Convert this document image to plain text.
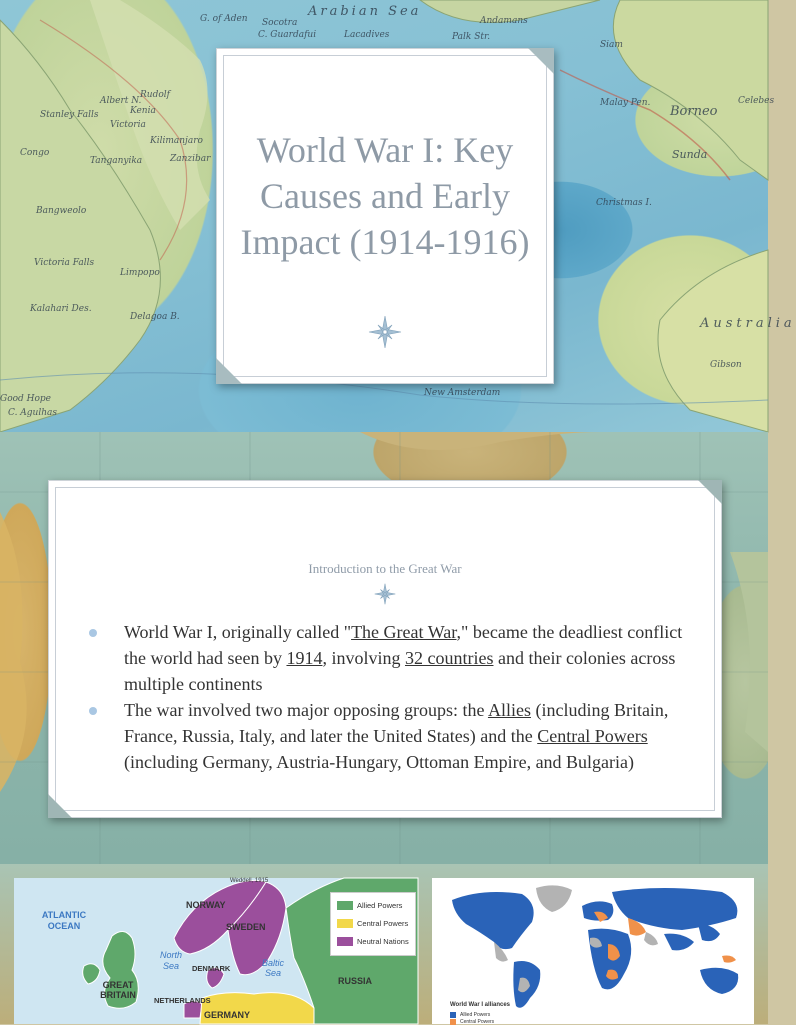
G. of Aden Socotra
C. Guardafui
Arabian Sea
Lacadives
Andamans
Palk Str.
Malay Pen.
Borneo
Celebes
Sunda
Christmas I.
Rudolf
Albert N.
Victoria
Kenia
Kilimanjaro
Zanzibar
Tanganyika
Bangweolo
Victoria Falls
Limpopo
Delagoa B.
Kalahari Des.
Good Hope
C. Agulhas
New Amsterdam
Gibson
Siam
Stanley Falls
Congo
Australia
World War I: Key Causes and Early Impact (1914-1916)
Introduction to the Great War
World War I, originally called "The Great War," became the deadliest conflict the world had seen by 1914, involving 32 countries and their colonies across multiple continents
The war involved two major opposing groups: the Allies (including Britain, France, Russia, Italy, and later the United States) and the Central Powers (including Germany, Austria-Hungary, Ottoman Empire, and Bulgaria)
ATLANTIC OCEAN
North Sea	Baltic Sea
NORWAY
SWEDEN
DENMARK
GREAT BRITAIN
NETHERLANDS
GERMANY
RUSSIA
Weddell, 1915
Allied Powers
Central Powers
Neutral Nations
World War I alliances
Allied Powers
Central Powers
